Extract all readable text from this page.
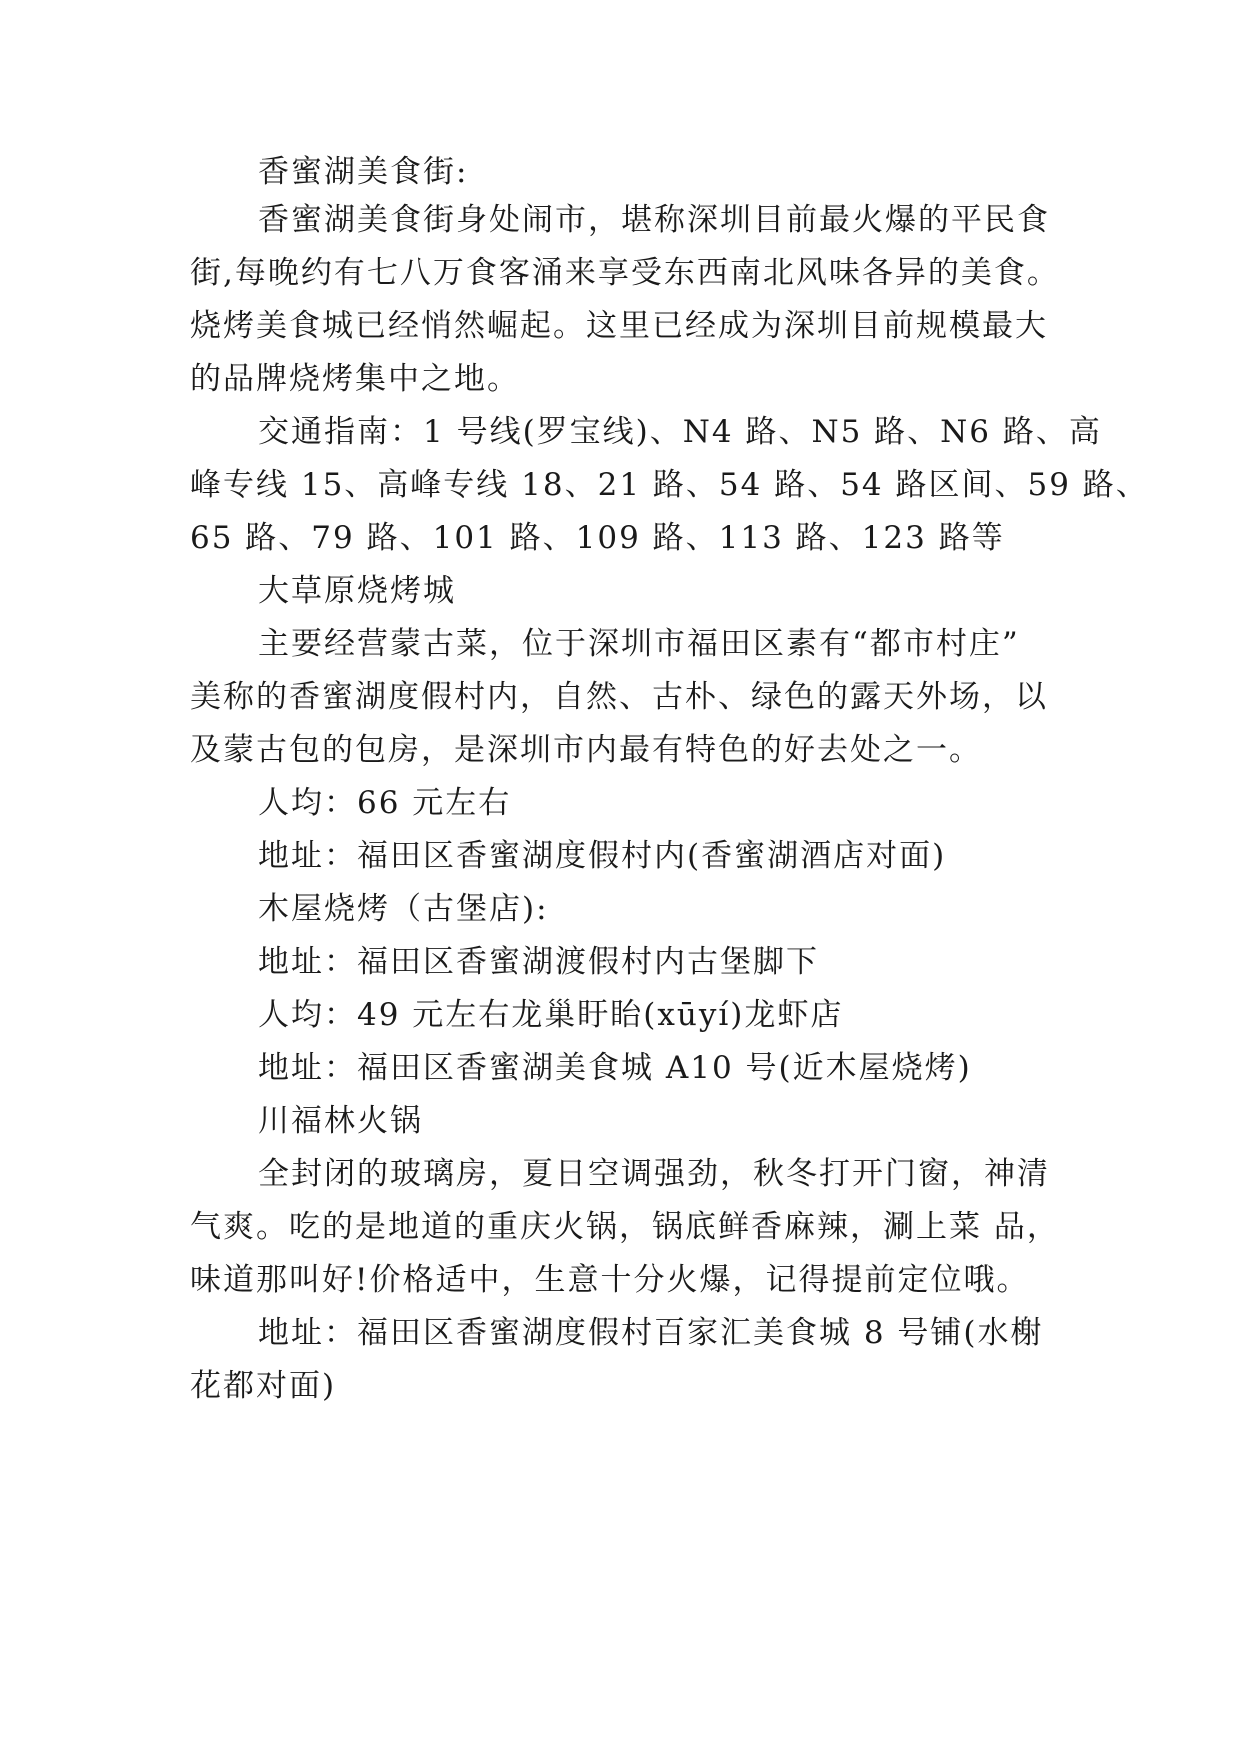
香蜜湖美食街:

香蜜湖美食街身处闹市，堪称深圳目前最火爆的平民食

街,每晚约有七八万食客涌来享受东西南北风味各异的美食。

烧烤美食城已经悄然崛起。这里已经成为深圳目前规模最大

的品牌烧烤集中之地。

交通指南：1 号线(罗宝线)、N4 路、N5 路、N6 路、高

峰专线 15、高峰专线 18、21 路、54 路、54 路区间、59 路、

65 路、79 路、101 路、109 路、113 路、123 路等

大草原烧烤城

主要经营蒙古菜，位于深圳市福田区素有“都市村庄”

美称的香蜜湖度假村内，自然、古朴、绿色的露天外场，以

及蒙古包的包房，是深圳市内最有特色的好去处之一。

人均：66 元左右

地址：福田区香蜜湖度假村内(香蜜湖酒店对面)

木屋烧烤（古堡店):

地址：福田区香蜜湖渡假村内古堡脚下

人均：49 元左右龙巢盱眙(xūyí)龙虾店

地址：福田区香蜜湖美食城 A10 号(近木屋烧烤)

川福林火锅

全封闭的玻璃房，夏日空调强劲，秋冬打开门窗，神清

气爽。吃的是地道的重庆火锅，锅底鲜香麻辣，涮上菜 品，

味道那叫好!价格适中，生意十分火爆，记得提前定位哦。

地址：福田区香蜜湖度假村百家汇美食城 8 号铺(水榭

花都对面)
